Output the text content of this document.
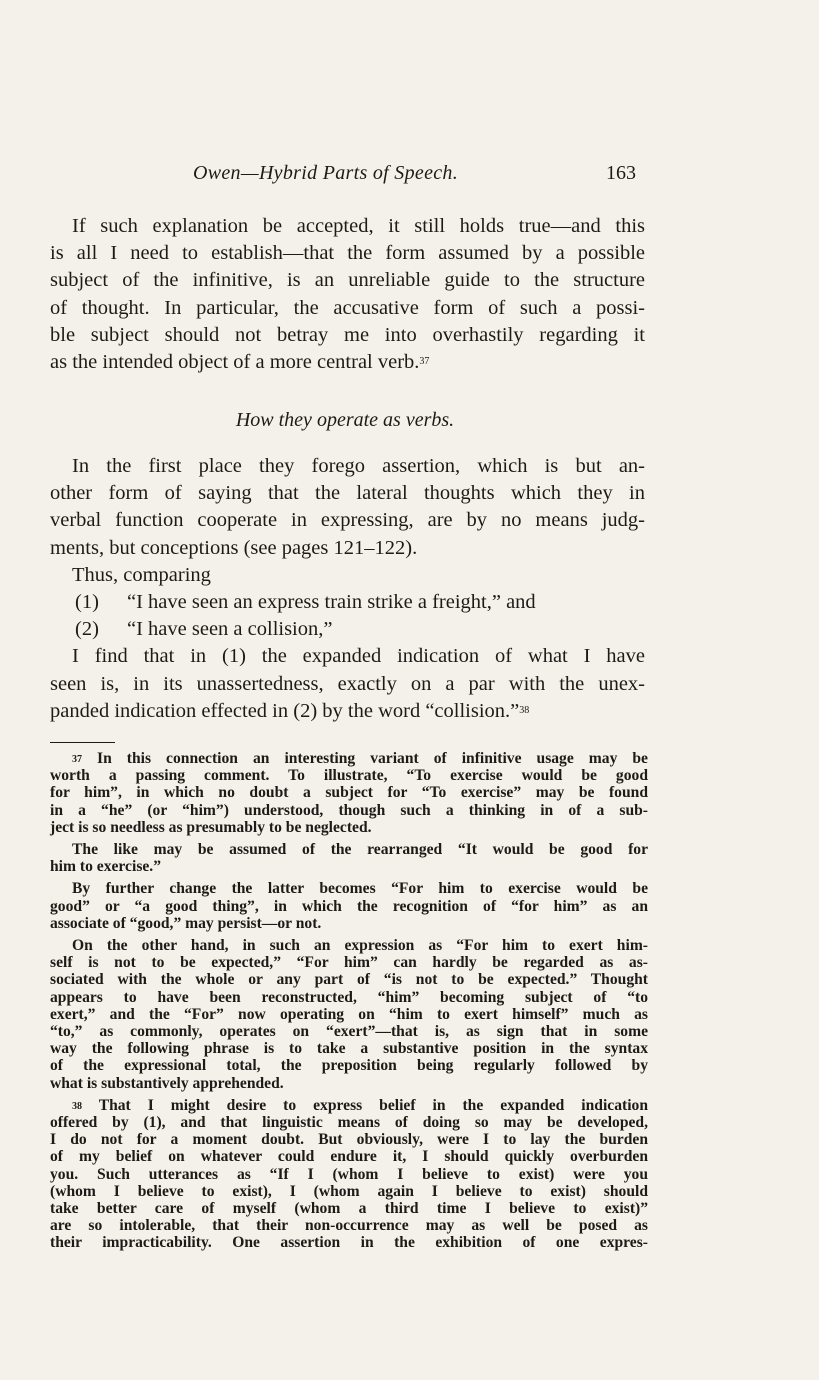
Owen—Hybrid Parts of Speech.	163
If such explanation be accepted, it still holds true—and this
is all I need to establish—that the form assumed by a possible
subject of the infinitive, is an unreliable guide to the structure
of thought. In particular, the accusative form of such a possi-
ble subject should not betray me into overhastily regarding it
as the intended object of a more central verb.$^{37}$
How they operate as verbs.
In the first place they forego assertion, which is but an-
other form of saying that the lateral thoughts which they in
verbal function cooperate in expressing, are by no means judg-
ments, but conceptions (see pages 121–122).
Thus, comparing
(1) “I have seen an express train strike a freight,” and
(2) “I have seen a collision,”
I find that in (1) the expanded indication of what I have
seen is, in its unassertedness, exactly on a par with the unex-
panded indication effected in (2) by the word “collision.”$^{38}$
$^{37}$ In this connection an interesting variant of infinitive usage may be
worth a passing comment. To illustrate, “To exercise would be good
for him”, in which no doubt a subject for “To exercise” may be found
in a “he” (or “him”) understood, though such a thinking in of a sub-
ject is so needless as presumably to be neglected.
The like may be assumed of the rearranged “It would be good for
him to exercise.”
By further change the latter becomes “For him to exercise would be
good” or “a good thing”, in which the recognition of “for him” as an
associate of “good,” may persist—or not.
On the other hand, in such an expression as “For him to exert him-
self is not to be expected,” “For him” can hardly be regarded as as-
sociated with the whole or any part of “is not to be expected.” Thought
appears to have been reconstructed, “him” becoming subject of “to
exert,” and the “For” now operating on “him to exert himself” much as
“to,” as commonly, operates on “exert”—that is, as sign that in some
way the following phrase is to take a substantive position in the syntax
of the expressional total, the preposition being regularly followed by
what is substantively apprehended.
$^{38}$ That I might desire to express belief in the expanded indication
offered by (1), and that linguistic means of doing so may be developed,
I do not for a moment doubt. But obviously, were I to lay the burden
of my belief on whatever could endure it, I should quickly overburden
you. Such utterances as “If I (whom I believe to exist) were you
(whom I believe to exist), I (whom again I believe to exist) should
take better care of myself (whom a third time I believe to exist)”
are so intolerable, that their non-occurrence may as well be posed as
their impracticability. One assertion in the exhibition of one expres-
